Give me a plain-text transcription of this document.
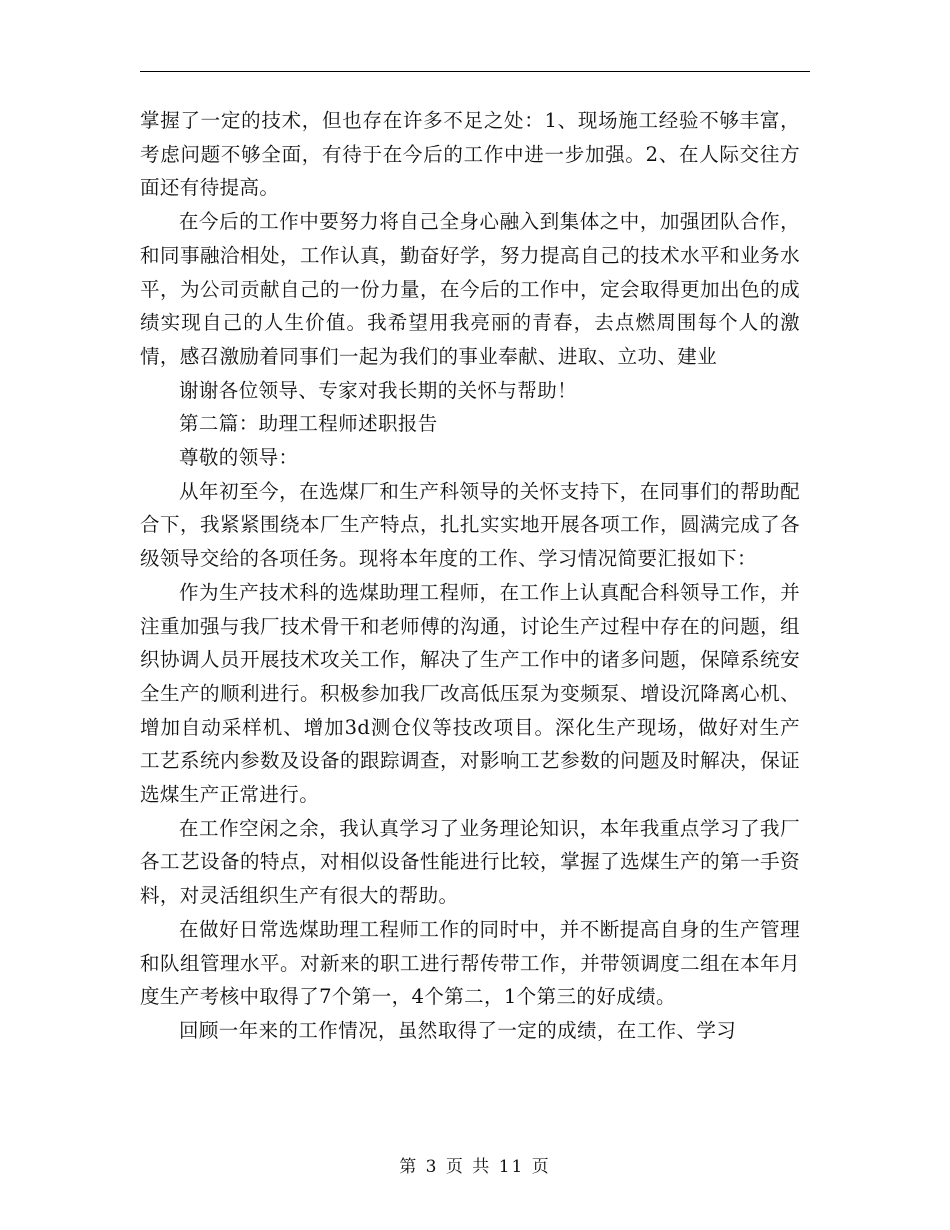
掌握了一定的技术，但也存在许多不足之处：1、现场施工经验不够丰富，考虑问题不够全面，有待于在今后的工作中进一步加强。2、在人际交往方面还有待提高。

在今后的工作中要努力将自己全身心融入到集体之中，加强团队合作，和同事融洽相处，工作认真，勤奋好学，努力提高自己的技术水平和业务水平，为公司贡献自己的一份力量，在今后的工作中，定会取得更加出色的成绩实现自己的人生价值。我希望用我亮丽的青春，去点燃周围每个人的激情，感召激励着同事们一起为我们的事业奉献、进取、立功、建业

谢谢各位领导、专家对我长期的关怀与帮助！

第二篇：助理工程师述职报告

尊敬的领导：

从年初至今，在选煤厂和生产科领导的关怀支持下，在同事们的帮助配合下，我紧紧围绕本厂生产特点，扎扎实实地开展各项工作，圆满完成了各级领导交给的各项任务。现将本年度的工作、学习情况简要汇报如下：

作为生产技术科的选煤助理工程师，在工作上认真配合科领导工作，并注重加强与我厂技术骨干和老师傅的沟通，讨论生产过程中存在的问题，组织协调人员开展技术攻关工作，解决了生产工作中的诸多问题，保障系统安全生产的顺利进行。积极参加我厂改高低压泵为变频泵、增设沉降离心机、增加自动采样机、增加3d测仓仪等技改项目。深化生产现场，做好对生产工艺系统内参数及设备的跟踪调查，对影响工艺参数的问题及时解决，保证选煤生产正常进行。

在工作空闲之余，我认真学习了业务理论知识，本年我重点学习了我厂各工艺设备的特点，对相似设备性能进行比较，掌握了选煤生产的第一手资料，对灵活组织生产有很大的帮助。

在做好日常选煤助理工程师工作的同时中，并不断提高自身的生产管理和队组管理水平。对新来的职工进行帮传带工作，并带领调度二组在本年月度生产考核中取得了7个第一，4个第二，1个第三的好成绩。

回顾一年来的工作情况，虽然取得了一定的成绩，在工作、学习

第 3 页 共 11 页
